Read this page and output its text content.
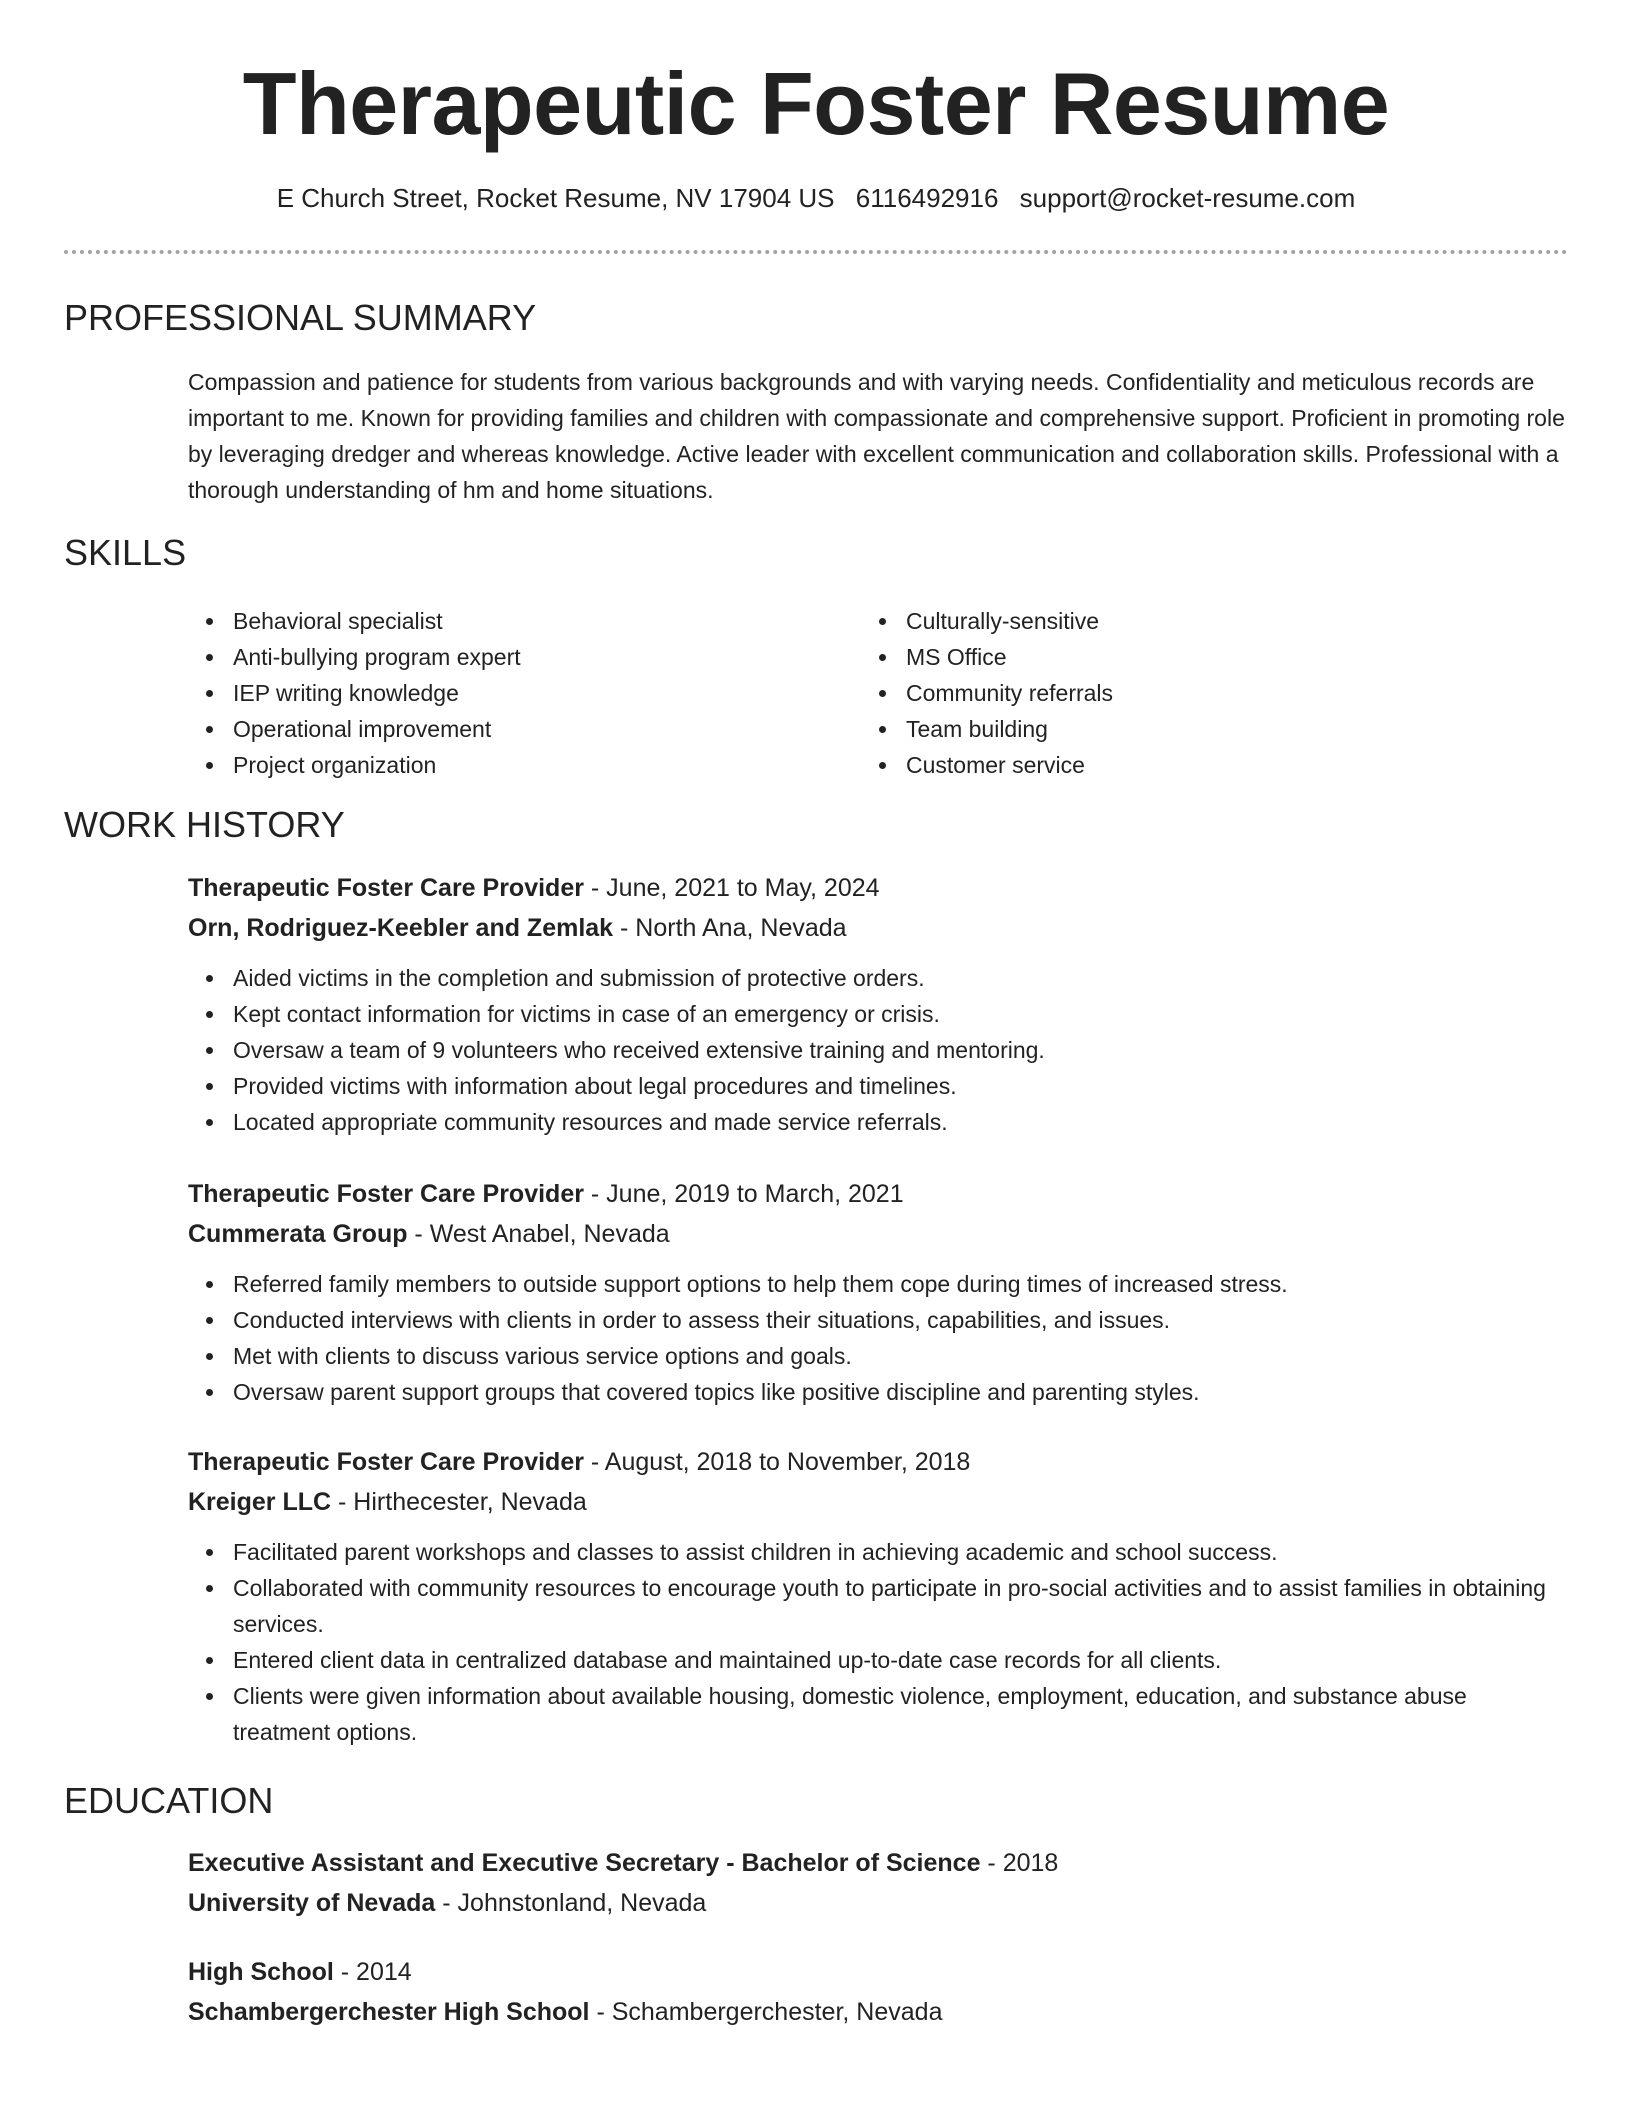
Therapeutic Foster Resume
E Church Street, Rocket Resume, NV 17904 US 6116492916 support@rocket-resume.com
PROFESSIONAL SUMMARY
Compassion and patience for students from various backgrounds and with varying needs. Confidentiality and meticulous records are important to me. Known for providing families and children with compassionate and comprehensive support. Proficient in promoting role by leveraging dredger and whereas knowledge. Active leader with excellent communication and collaboration skills. Professional with a thorough understanding of hm and home situations.
SKILLS
Behavioral specialist
Anti-bullying program expert
IEP writing knowledge
Operational improvement
Project organization
Culturally-sensitive
MS Office
Community referrals
Team building
Customer service
WORK HISTORY
Therapeutic Foster Care Provider - June, 2021 to May, 2024
Orn, Rodriguez-Keebler and Zemlak - North Ana, Nevada
Aided victims in the completion and submission of protective orders.
Kept contact information for victims in case of an emergency or crisis.
Oversaw a team of 9 volunteers who received extensive training and mentoring.
Provided victims with information about legal procedures and timelines.
Located appropriate community resources and made service referrals.
Therapeutic Foster Care Provider - June, 2019 to March, 2021
Cummerata Group - West Anabel, Nevada
Referred family members to outside support options to help them cope during times of increased stress.
Conducted interviews with clients in order to assess their situations, capabilities, and issues.
Met with clients to discuss various service options and goals.
Oversaw parent support groups that covered topics like positive discipline and parenting styles.
Therapeutic Foster Care Provider - August, 2018 to November, 2018
Kreiger LLC - Hirthecester, Nevada
Facilitated parent workshops and classes to assist children in achieving academic and school success.
Collaborated with community resources to encourage youth to participate in pro-social activities and to assist families in obtaining services.
Entered client data in centralized database and maintained up-to-date case records for all clients.
Clients were given information about available housing, domestic violence, employment, education, and substance abuse treatment options.
EDUCATION
Executive Assistant and Executive Secretary - Bachelor of Science - 2018
University of Nevada - Johnstonland, Nevada
High School - 2014
Schambergerchester High School - Schambergerchester, Nevada
